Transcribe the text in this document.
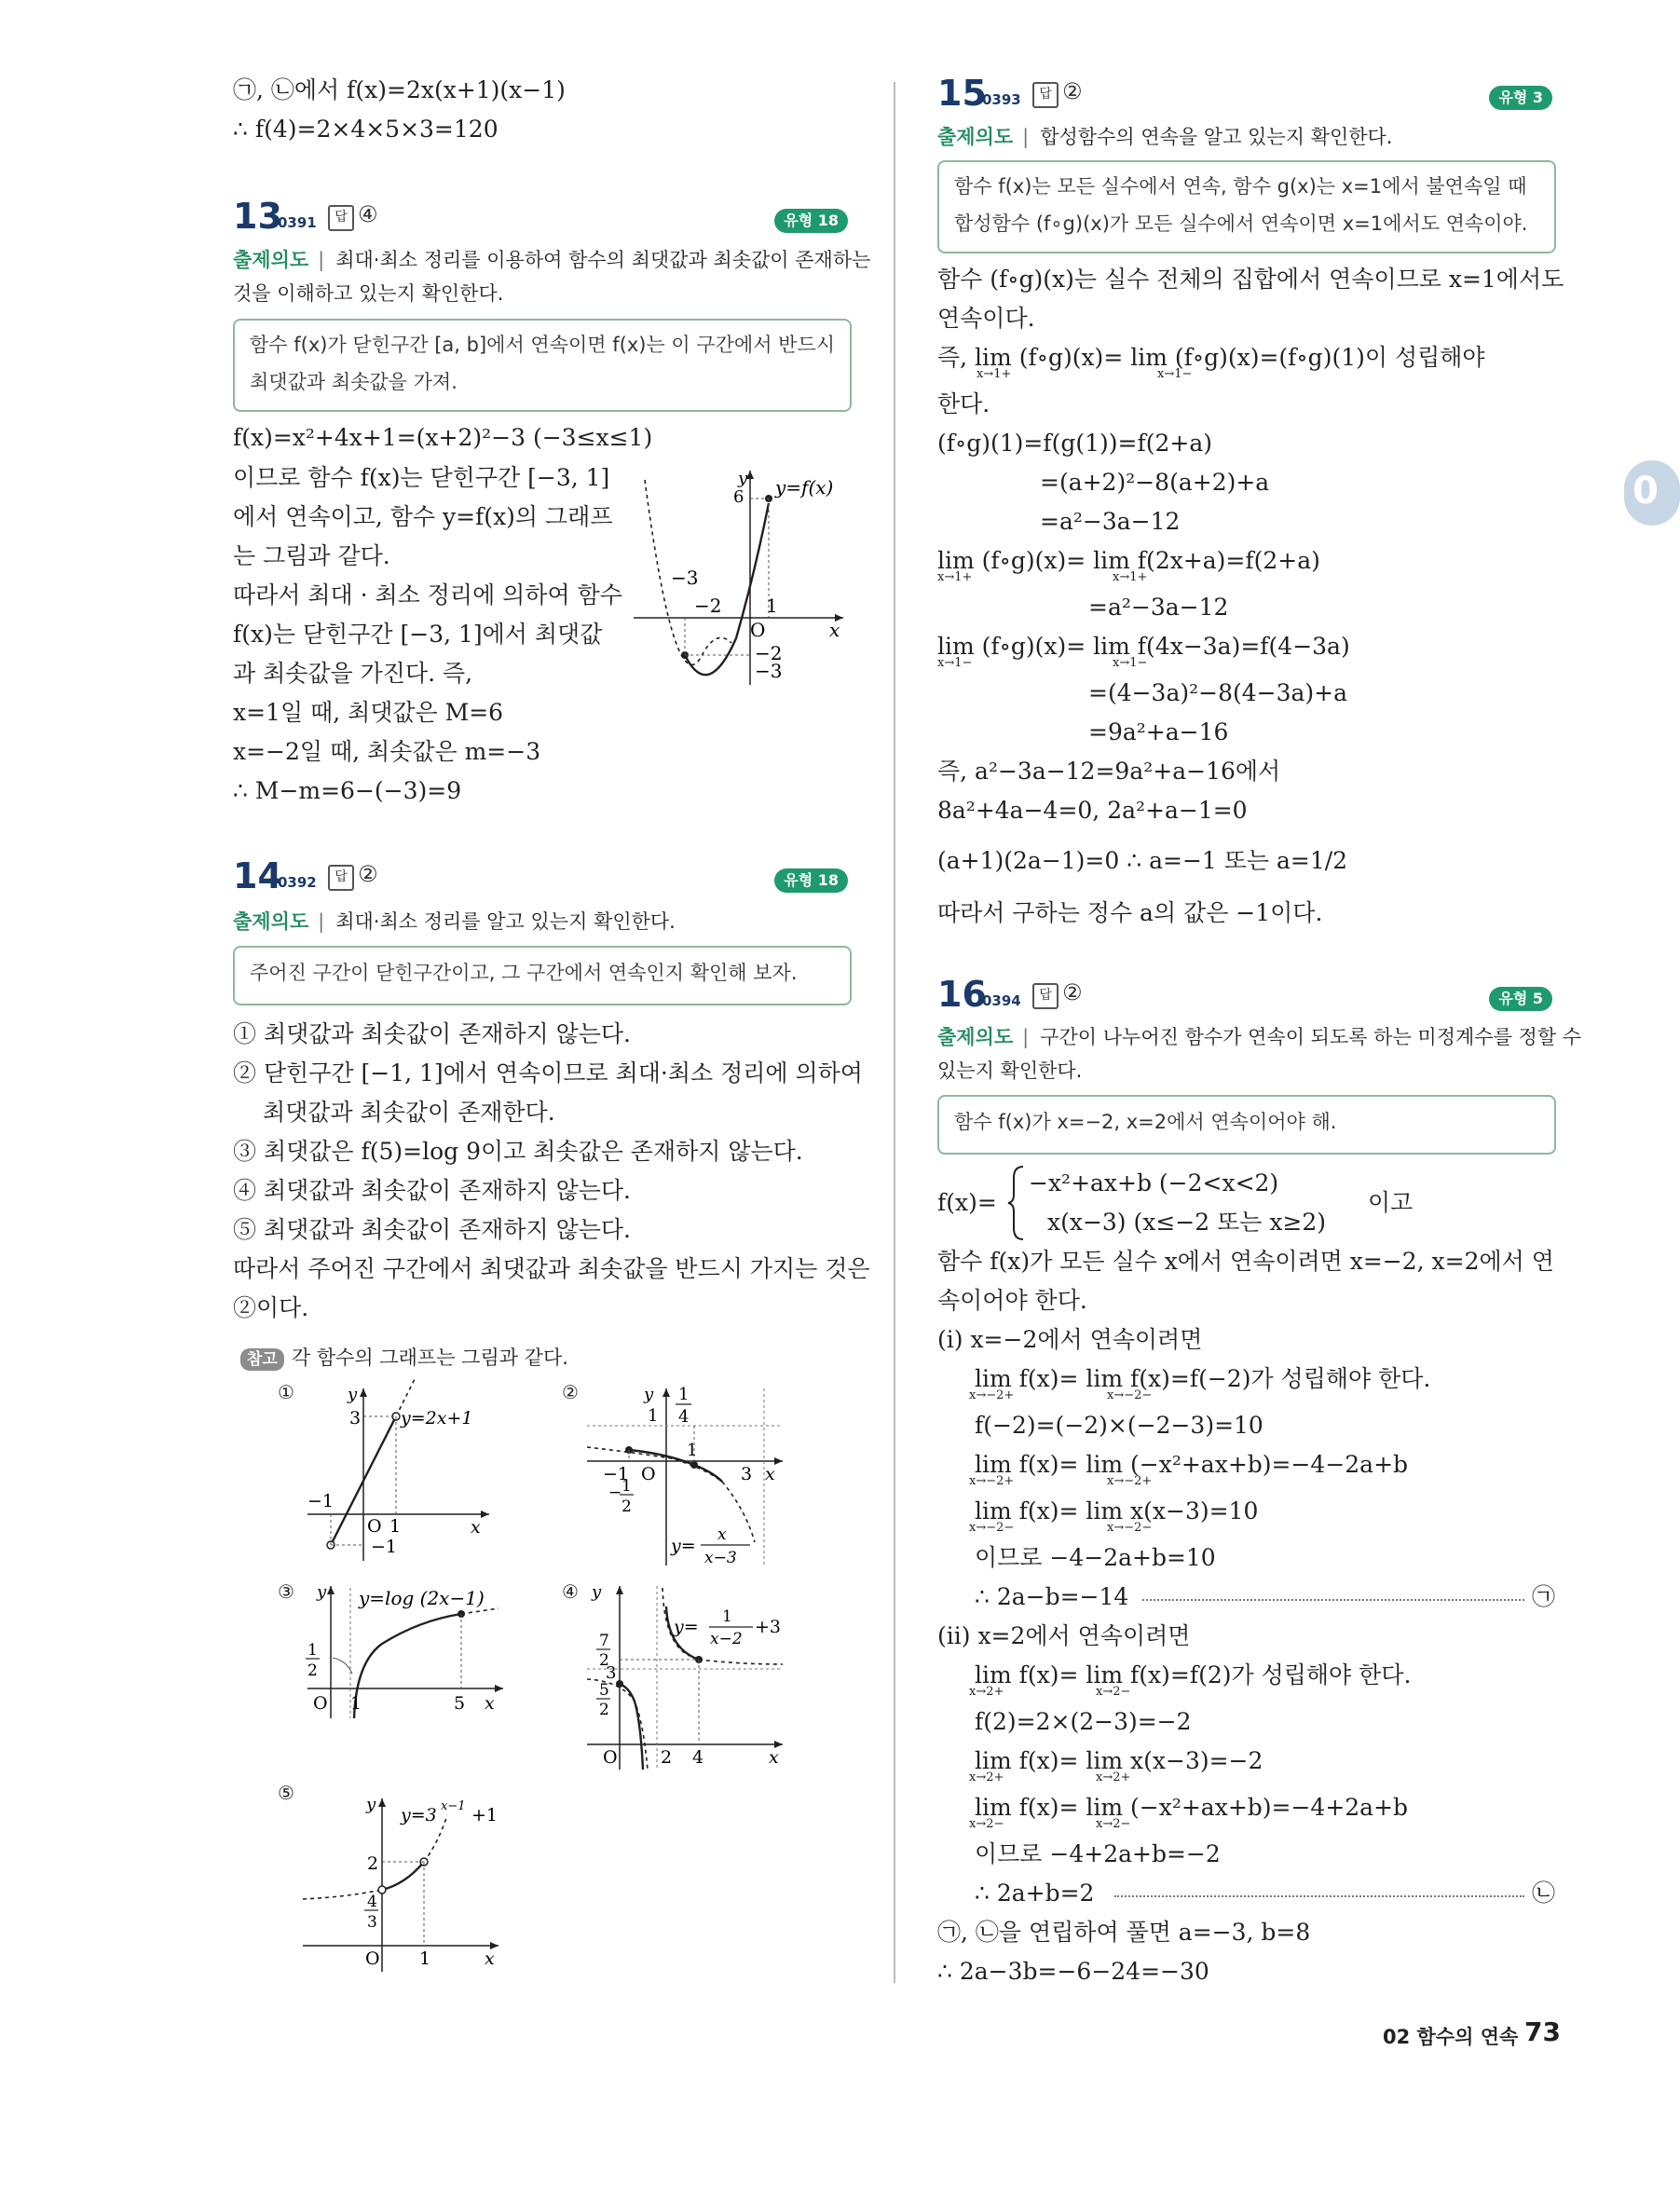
㉠, ㉡에서 f(x)=2x(x+1)(x−1)
∴ f(4)=2×4×5×3=120
13
0391	답 ④	유형 18
출제의도 | 최대·최소 정리를 이용하여 함수의 최댓값과 최솟값이 존재하는
것을 이해하고 있는지 확인한다.
함수 f(x)가 닫힌구간 [a, b]에서 연속이면 f(x)는 이 구간에서 반드시
최댓값과 최솟값을 가져.
f(x)=x²+4x+1=(x+2)²−3 (−3≤x≤1)
이므로 함수 f(x)는 닫힌구간 [−3, 1]
에서 연속이고, 함수 y=f(x)의 그래프
는 그림과 같다.
따라서 최대 · 최소 정리에 의하여 함수
f(x)는 닫힌구간 [−3, 1]에서 최댓값
과 최솟값을 가진다. 즉,
x=1일 때, 최댓값은 M=6
x=−2일 때, 최솟값은 m=−3
∴ M−m=6−(−3)=9
y
6 y=f(x)
−3
−2 1
O	x
−2
−3
14
0392	답 ②	유형 18
출제의도 | 최대·최소 정리를 알고 있는지 확인한다.
주어진 구간이 닫힌구간이고, 그 구간에서 연속인지 확인해 보자.
① 최댓값과 최솟값이 존재하지 않는다.
② 닫힌구간 [−1, 1]에서 연속이므로 최대·최소 정리에 의하여
최댓값과 최솟값이 존재한다.
③ 최댓값은 f(5)=log 9이고 최솟값은 존재하지 않는다.
④ 최댓값과 최솟값이 존재하지 않는다.
⑤ 최댓값과 최솟값이 존재하지 않는다.
따라서 주어진 구간에서 최댓값과 최솟값을 반드시 가지는 것은
②이다.
참고 각 함수의 그래프는 그림과 같다.
①	y
3 y=2x+1
−1
O 1
−1
x
②	y 1
4
1
1
−1 O	3 x
− 1
2
y=
x
x−3
③ y y=log (2x−1)
1
2
O 1	5 x
④ y
y= 1
x−2
+3
7
2
3
5
2
O 2 4	x
⑤
y
y=3 x−1 +1
2
4
3
O 1	x
15
0393	답 ②	유형 3
출제의도 | 합성함수의 연속을 알고 있는지 확인한다.
함수 f(x)는 모든 실수에서 연속, 함수 g(x)는 x=1에서 불연속일 때
합성함수 (f∘g)(x)가 모든 실수에서 연속이면 x=1에서도 연속이야.
함수 (f∘g)(x)는 실수 전체의 집합에서 연속이므로 x=1에서도
연속이다.
즉, lim (f∘g)(x)= lim (f∘g)(x)=(f∘g)(1)이 성립해야
x→1+	x→1−
한다.
(f∘g)(1)=f(g(1))=f(2+a)
=(a+2)²−8(a+2)+a
=a²−3a−12
lim (f∘g)(x)= lim f(2x+a)=f(2+a)
x→1+	x→1+
=a²−3a−12
lim (f∘g)(x)= lim f(4x−3a)=f(4−3a)
x→1−	x→1−
=(4−3a)²−8(4−3a)+a
=9a²+a−16
즉, a²−3a−12=9a²+a−16에서
8a²+4a−4=0, 2a²+a−1=0
(a+1)(2a−1)=0 ∴ a=−1 또는 a=1/2
따라서 구하는 정수 a의 값은 −1이다.
16
0394	답 ②	유형 5
출제의도 | 구간이 나누어진 함수가 연속이 되도록 하는 미정계수를 정할 수
있는지 확인한다.
함수 f(x)가 x=−2, x=2에서 연속이어야 해.
f(x)=
−x²+ax+b (−2<x<2)
x(x−3) (x≤−2 또는 x≥2)
이고
함수 f(x)가 모든 실수 x에서 연속이려면 x=−2, x=2에서 연
속이어야 한다.
(i) x=−2에서 연속이려면
lim f(x)= lim f(x)=f(−2)가 성립해야 한다.
x→−2+	x→−2−
f(−2)=(−2)×(−2−3)=10
lim f(x)= lim (−x²+ax+b)=−4−2a+b
x→−2+	x→−2+
lim f(x)= lim x(x−3)=10
x→−2−	x→−2−
이므로 −4−2a+b=10
∴ 2a−b=−14	㉠
(ii) x=2에서 연속이려면
lim f(x)= lim f(x)=f(2)가 성립해야 한다.
x→2+	x→2−
f(2)=2×(2−3)=−2
lim f(x)= lim x(x−3)=−2
x→2+	x→2+
lim f(x)= lim (−x²+ax+b)=−4+2a+b
x→2−	x→2−
이므로 −4+2a+b=−2
∴ 2a+b=2	㉡
㉠, ㉡을 연립하여 풀면 a=−3, b=8
∴ 2a−3b=−6−24=−30
02 함수의 연속 73
0
